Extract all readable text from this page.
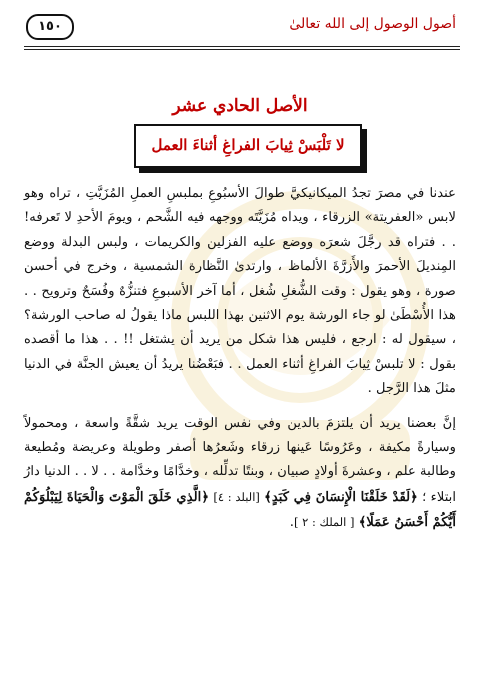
١٥٠	أصول الوصول إلى الله تعالىٰ
الأصل الحادي عشر
لا تَلْبَسْ ثِيابَ الفراغِ أثناءَ العمل

عندنا في مصرَ تجدُ الميكانيكيَّ طوالَ الأسبُوعِ بملبسِ العملِ المُزَيَّتِ ، تراه وهو لابس «العفريتة» الزرقاء ، ويداه مُزَيَّتَه ووجهه فيه الشَّحم ، ويومَ الأحدِ لا تَعرفه! . . فتراه قد رجَّلَ شعرَه ووضع عليه الفزلين والكريمات ، ولبس البدلة ووضع المِنديلَ الأحمرَ والأَزرَّةَ الألماظ ، وارتدىٰ النَّظارة الشمسية ، وخرج في أحسن صورة ، وهو يقول : وقت الشُّغلِ شُغل ، أما آخر الأسبوعِ فتنزُّهٌ وفُسَحٌ وترويح . . هذا الأُسْطَىٰ لو جاء الورشة يوم الاثنين بهذا اللبس ماذا يقولُ له صاحب الورشة؟ ، سيقول له : ارجع ، فليس هذا شكل من يريد أن يشتغل !! . . هذا ما أقصده بقول : لا تلبسْ ثِيابَ الفراغِ أثناء العمل . . فبَعْضُنا يريدُ أن يعيش الجنَّة في الدنيا مثلَ هذا الرَّجل .

إنَّ بعضنا يريد أن يلتزمَ بالدين وفي نفس الوقت يريد شقَّةً واسعة ، ومحمولاً وسيارةً مكيفة ، وعَرُوسًا عَينها زرقاء وشَعرُها أصفر وطويلة وعريضة ومُطيعة وطالبة علم ، وعشرةَ أولادٍ صبيان ، وبنتًا تدلِّله ، وخدَّامًا وخدَّامة . . لا . . الدنيا دارُ ابتلاء ؛ ﴿لَقَدْ خَلَقْنَا الْإِنسَانَ فِي كَبَدٍ﴾ [البلد : ٤] ﴿الَّذِي خَلَقَ الْمَوْتَ وَالْحَيَاةَ لِيَبْلُوَكُمْ أَيُّكُمْ أَحْسَنُ عَمَلًا﴾ [ الملك : ٢ ].
